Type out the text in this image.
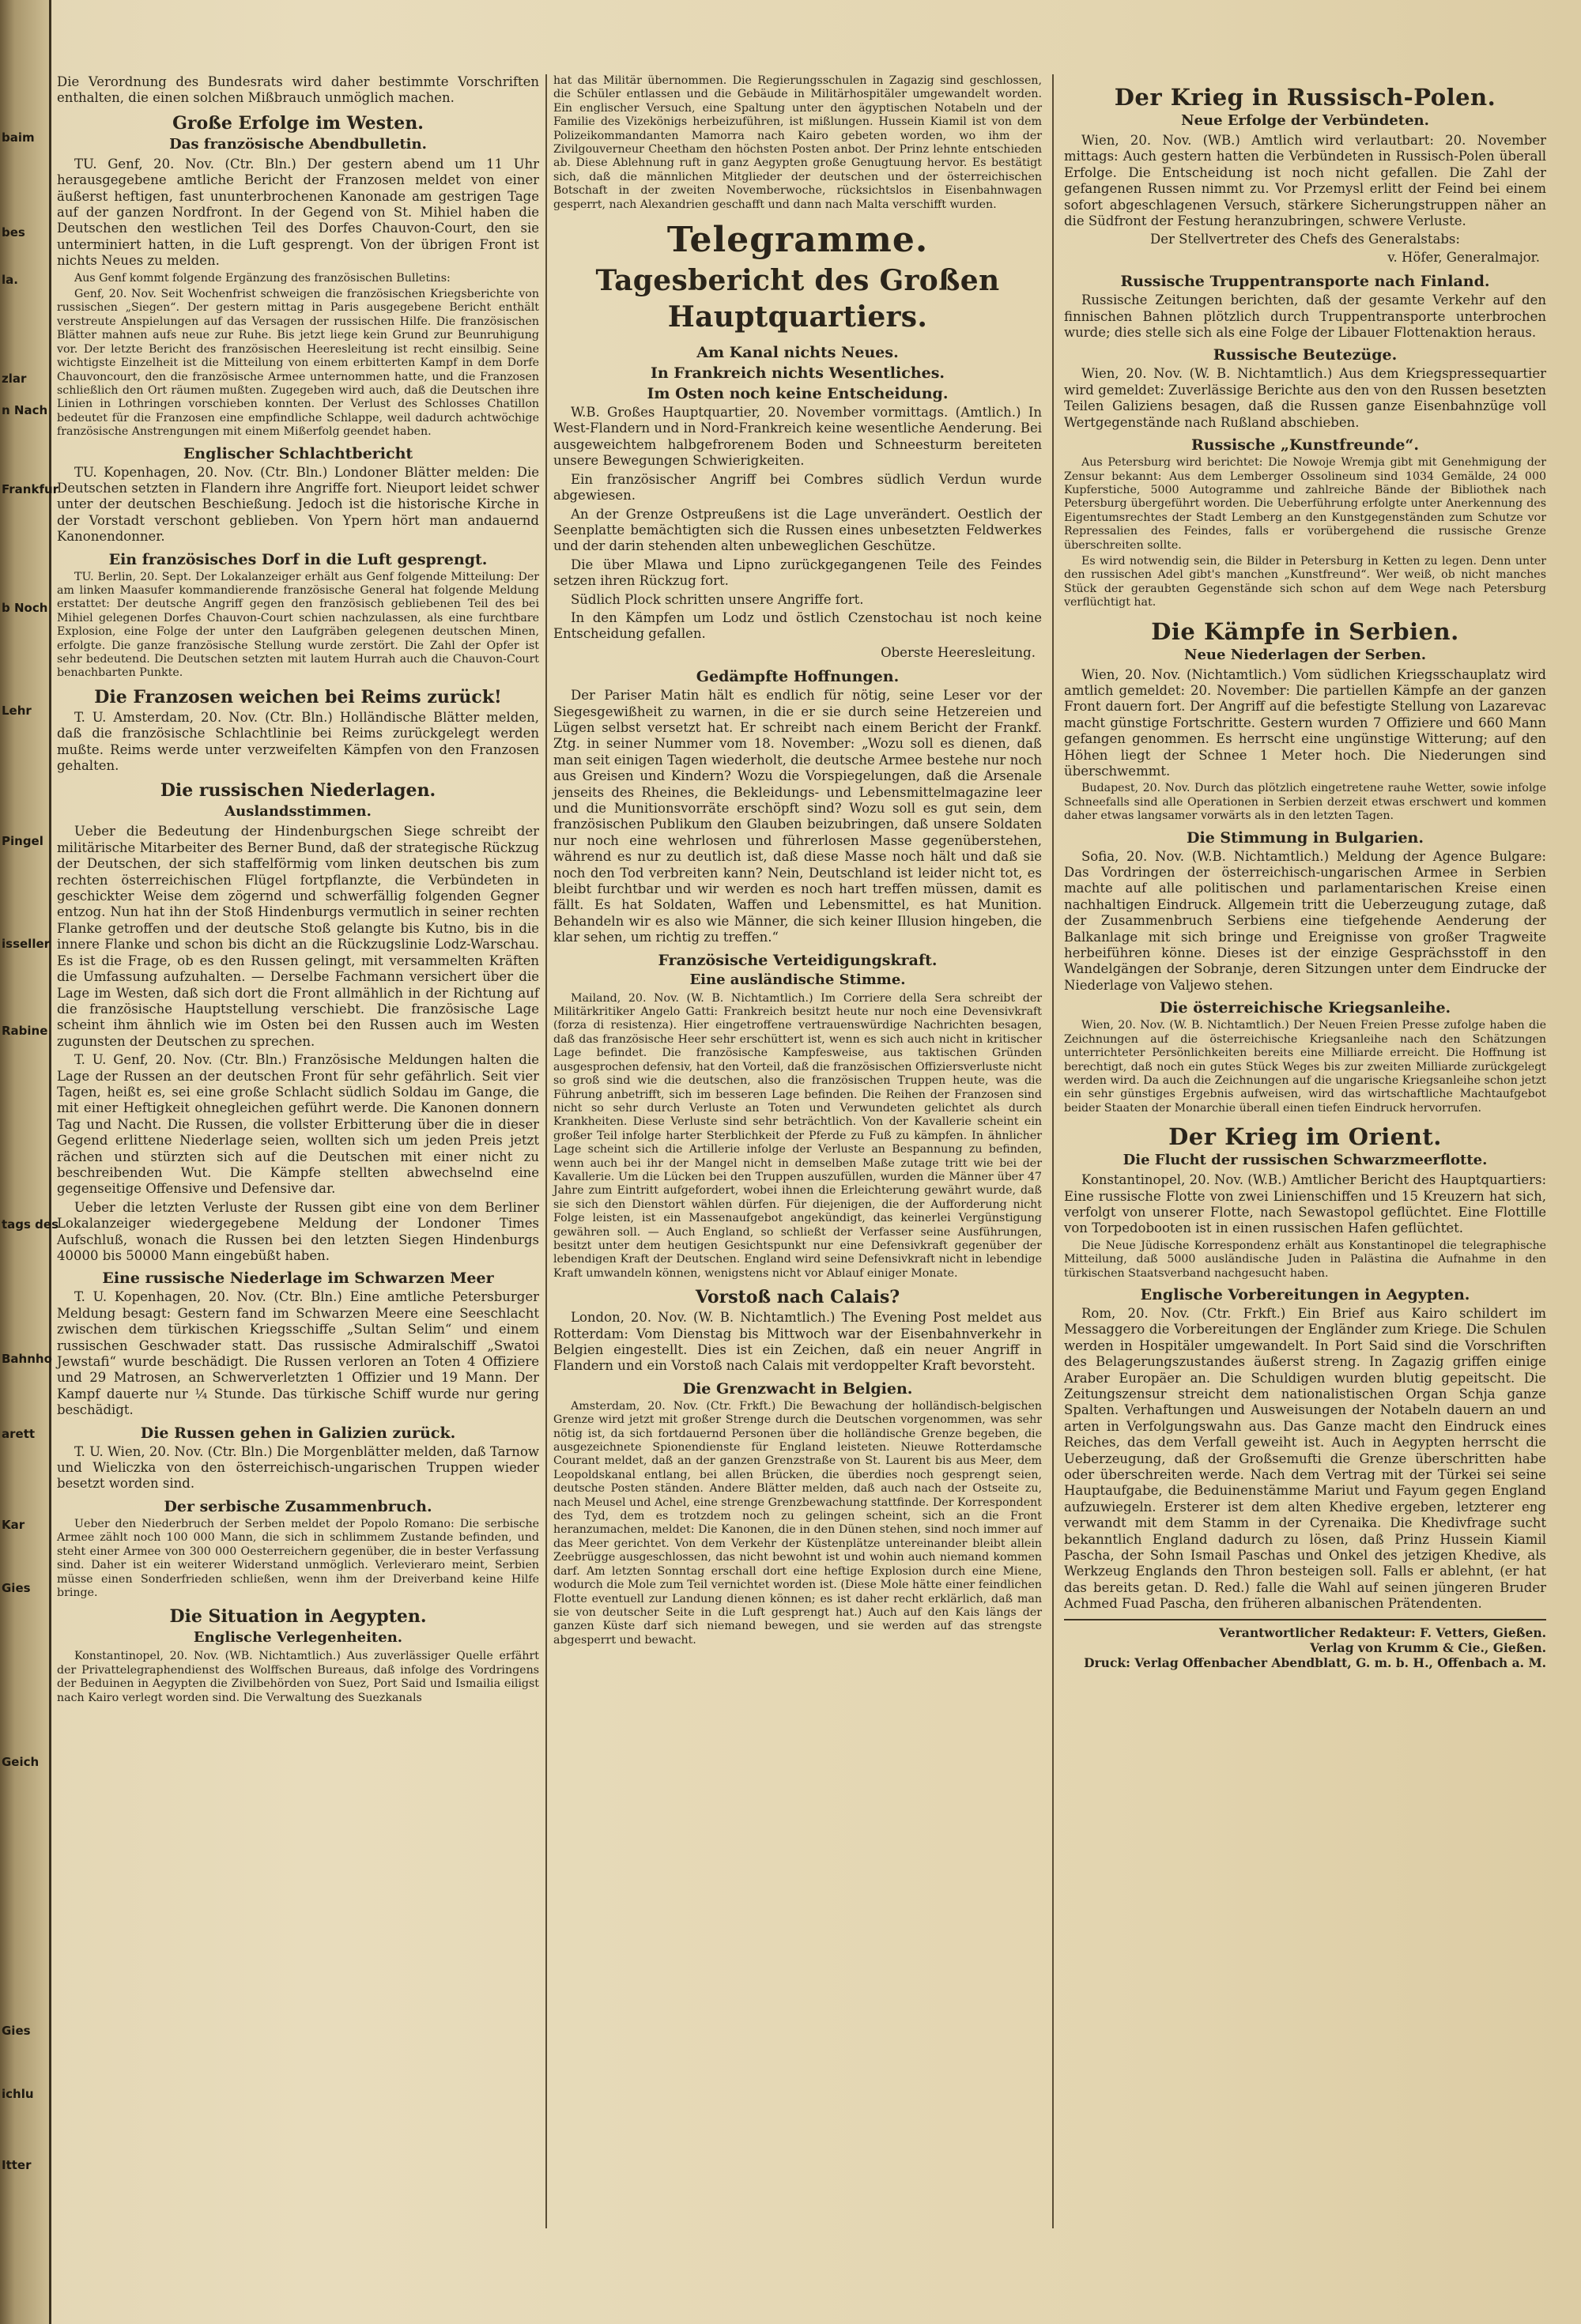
baim
bes
la.
zlar
n Nach
Frankfur
b Noch
Lehr
Pingel
isseller
Rabine
tags des
Bahnho
arett
Kar
Gies
Geich
Gies
ichlu
Itter

Die Verordnung des Bundesrats wird daher bestimmte Vorschriften enthalten, die einen solchen Mißbrauch unmöglich machen.

Große Erfolge im Westen.
Das französische Abendbulletin.

TU. Genf, 20. Nov. (Ctr. Bln.) Der gestern abend um 11 Uhr herausgegebene amtliche Bericht der Franzosen meldet von einer äußerst heftigen, fast ununterbrochenen Kanonade am gestrigen Tage auf der ganzen Nordfront. In der Gegend von St. Mihiel haben die Deutschen den westlichen Teil des Dorfes Chauvon-Court, den sie unterminiert hatten, in die Luft gesprengt. Von der übrigen Front ist nichts Neues zu melden.

Aus Genf kommt folgende Ergänzung des französischen Bulletins:

Genf, 20. Nov. Seit Wochenfrist schweigen die französischen Kriegsberichte von russischen „Siegen“. Der gestern mittag in Paris ausgegebene Bericht enthält verstreute Anspielungen auf das Versagen der russischen Hilfe. Die französischen Blätter mahnen aufs neue zur Ruhe. Bis jetzt liege kein Grund zur Beunruhigung vor. Der letzte Bericht des französischen Heeresleitung ist recht einsilbig. Seine wichtigste Einzelheit ist die Mitteilung von einem erbitterten Kampf in dem Dorfe Chauvoncourt, den die französische Armee unternommen hatte, und die Franzosen schließlich den Ort räumen mußten. Zugegeben wird auch, daß die Deutschen ihre Linien in Lothringen vorschieben konnten. Der Verlust des Schlosses Chatillon bedeutet für die Franzosen eine empfindliche Schlappe, weil dadurch achtwöchige französische Anstrengungen mit einem Mißerfolg geendet haben.

Englischer Schlachtbericht

TU. Kopenhagen, 20. Nov. (Ctr. Bln.) Londoner Blätter melden: Die Deutschen setzten in Flandern ihre Angriffe fort. Nieuport leidet schwer unter der deutschen Beschießung. Jedoch ist die historische Kirche in der Vorstadt verschont geblieben. Von Ypern hört man andauernd Kanonendonner.

Ein französisches Dorf in die Luft gesprengt.

TU. Berlin, 20. Sept. Der Lokalanzeiger erhält aus Genf folgende Mitteilung: Der am linken Maasufer kommandierende französische General hat folgende Meldung erstattet: Der deutsche Angriff gegen den französisch gebliebenen Teil des bei Mihiel gelegenen Dorfes Chauvon-Court schien nachzulassen, als eine furchtbare Explosion, eine Folge der unter den Laufgräben gelegenen deutschen Minen, erfolgte. Die ganze französische Stellung wurde zerstört. Die Zahl der Opfer ist sehr bedeutend. Die Deutschen setzten mit lautem Hurrah auch die Chauvon-Court benachbarten Punkte.

Die Franzosen weichen bei Reims zurück!

T. U. Amsterdam, 20. Nov. (Ctr. Bln.) Holländische Blätter melden, daß die französische Schlachtlinie bei Reims zurückgelegt werden mußte. Reims werde unter verzweifelten Kämpfen von den Franzosen gehalten.

Die russischen Niederlagen.
Auslandsstimmen.

Ueber die Bedeutung der Hindenburgschen Siege schreibt der militärische Mitarbeiter des Berner Bund, daß der strategische Rückzug der Deutschen, der sich staffelförmig vom linken deutschen bis zum rechten österreichischen Flügel fortpflanzte, die Verbündeten in geschickter Weise dem zögernd und schwerfällig folgenden Gegner entzog. Nun hat ihn der Stoß Hindenburgs vermutlich in seiner rechten Flanke getroffen und der deutsche Stoß gelangte bis Kutno, bis in die innere Flanke und schon bis dicht an die Rückzugslinie Lodz-Warschau. Es ist die Frage, ob es den Russen gelingt, mit versammelten Kräften die Umfassung aufzuhalten. — Derselbe Fachmann versichert über die Lage im Westen, daß sich dort die Front allmählich in der Richtung auf die französische Hauptstellung verschiebt. Die französische Lage scheint ihm ähnlich wie im Osten bei den Russen auch im Westen zugunsten der Deutschen zu sprechen.

T. U. Genf, 20. Nov. (Ctr. Bln.) Französische Meldungen halten die Lage der Russen an der deutschen Front für sehr gefährlich. Seit vier Tagen, heißt es, sei eine große Schlacht südlich Soldau im Gange, die mit einer Heftigkeit ohnegleichen geführt werde. Die Kanonen donnern Tag und Nacht. Die Russen, die vollster Erbitterung über die in dieser Gegend erlittene Niederlage seien, wollten sich um jeden Preis jetzt rächen und stürzten sich auf die Deutschen mit einer nicht zu beschreibenden Wut. Die Kämpfe stellten abwechselnd eine gegenseitige Offensive und Defensive dar.

Ueber die letzten Verluste der Russen gibt eine von dem Berliner Lokalanzeiger wiedergegebene Meldung der Londoner Times Aufschluß, wonach die Russen bei den letzten Siegen Hindenburgs 40000 bis 50000 Mann eingebüßt haben.

Eine russische Niederlage im Schwarzen Meer

T. U. Kopenhagen, 20. Nov. (Ctr. Bln.) Eine amtliche Petersburger Meldung besagt: Gestern fand im Schwarzen Meere eine Seeschlacht zwischen dem türkischen Kriegsschiffe „Sultan Selim“ und einem russischen Geschwader statt. Das russische Admiralschiff „Swatoi Jewstafi“ wurde beschädigt. Die Russen verloren an Toten 4 Offiziere und 29 Matrosen, an Schwerverletzten 1 Offizier und 19 Mann. Der Kampf dauerte nur ¼ Stunde. Das türkische Schiff wurde nur gering beschädigt.

Die Russen gehen in Galizien zurück.

T. U. Wien, 20. Nov. (Ctr. Bln.) Die Morgenblätter melden, daß Tarnow und Wieliczka von den österreichisch-ungarischen Truppen wieder besetzt worden sind.

Der serbische Zusammenbruch.

Ueber den Niederbruch der Serben meldet der Popolo Romano: Die serbische Armee zählt noch 100 000 Mann, die sich in schlimmem Zustande befinden, und steht einer Armee von 300 000 Oesterreichern gegenüber, die in bester Verfassung sind. Daher ist ein weiterer Widerstand unmöglich. Verlevieraro meint, Serbien müsse einen Sonderfrieden schließen, wenn ihm der Dreiverband keine Hilfe bringe.

Die Situation in Aegypten.
Englische Verlegenheiten.

Konstantinopel, 20. Nov. (WB. Nichtamtlich.) Aus zuverlässiger Quelle erfährt der Privattelegraphendienst des Wolffschen Bureaus, daß infolge des Vordringens der Beduinen in Aegypten die Zivilbehörden von Suez, Port Said und Ismailia eiligst nach Kairo verlegt worden sind. Die Verwaltung des Suezkanals

hat das Militär übernommen. Die Regierungsschulen in Zagazig sind geschlossen, die Schüler entlassen und die Gebäude in Militärhospitäler umgewandelt worden. Ein englischer Versuch, eine Spaltung unter den ägyptischen Notabeln und der Familie des Vizekönigs herbeizuführen, ist mißlungen. Hussein Kiamil ist von dem Polizeikommandanten Mamorra nach Kairo gebeten worden, wo ihm der Zivilgouverneur Cheetham den höchsten Posten anbot. Der Prinz lehnte entschieden ab. Diese Ablehnung ruft in ganz Aegypten große Genugtuung hervor. Es bestätigt sich, daß die männlichen Mitglieder der deutschen und der österreichischen Botschaft in der zweiten Novemberwoche, rücksichtslos in Eisenbahnwagen gesperrt, nach Alexandrien geschafft und dann nach Malta verschifft wurden.

Telegramme.
Tagesbericht des Großen Hauptquartiers.
Am Kanal nichts Neues.
In Frankreich nichts Wesentliches.
Im Osten noch keine Entscheidung.

W.B. Großes Hauptquartier, 20. November vormittags. (Amtlich.) In West-Flandern und in Nord-Frankreich keine wesentliche Aenderung. Bei ausgeweichtem halbgefrorenem Boden und Schneesturm bereiteten unsere Bewegungen Schwierigkeiten.

Ein französischer Angriff bei Combres südlich Verdun wurde abgewiesen.

An der Grenze Ostpreußens ist die Lage unverändert. Oestlich der Seenplatte bemächtigten sich die Russen eines unbesetzten Feldwerkes und der darin stehenden alten unbeweglichen Geschütze.

Die über Mlawa und Lipno zurückgegangenen Teile des Feindes setzen ihren Rückzug fort.

Südlich Plock schritten unsere Angriffe fort.

In den Kämpfen um Lodz und östlich Czenstochau ist noch keine Entscheidung gefallen.

Oberste Heeresleitung.
Gedämpfte Hoffnungen.

Der Pariser Matin hält es endlich für nötig, seine Leser vor der Siegesgewißheit zu warnen, in die er sie durch seine Hetzereien und Lügen selbst versetzt hat. Er schreibt nach einem Bericht der Frankf. Ztg. in seiner Nummer vom 18. November: „Wozu soll es dienen, daß man seit einigen Tagen wiederholt, die deutsche Armee bestehe nur noch aus Greisen und Kindern? Wozu die Vorspiegelungen, daß die Arsenale jenseits des Rheines, die Bekleidungs- und Lebensmittelmagazine leer und die Munitionsvorräte erschöpft sind? Wozu soll es gut sein, dem französischen Publikum den Glauben beizubringen, daß unsere Soldaten nur noch eine wehrlosen und führerlosen Masse gegenüberstehen, während es nur zu deutlich ist, daß diese Masse noch hält und daß sie noch den Tod verbreiten kann? Nein, Deutschland ist leider nicht tot, es bleibt furchtbar und wir werden es noch hart treffen müssen, damit es fällt. Es hat Soldaten, Waffen und Lebensmittel, es hat Munition. Behandeln wir es also wie Männer, die sich keiner Illusion hingeben, die klar sehen, um richtig zu treffen.“

Französische Verteidigungskraft.
Eine ausländische Stimme.

Mailand, 20. Nov. (W. B. Nichtamtlich.) Im Corriere della Sera schreibt der Militärkritiker Angelo Gatti: Frankreich besitzt heute nur noch eine Devensivkraft (forza di resistenza). Hier eingetroffene vertrauenswürdige Nachrichten besagen, daß das französische Heer sehr erschüttert ist, wenn es sich auch nicht in kritischer Lage befindet. Die französische Kampfesweise, aus taktischen Gründen ausgesprochen defensiv, hat den Vorteil, daß die französischen Offiziersverluste nicht so groß sind wie die deutschen, also die französischen Truppen heute, was die Führung anbetrifft, sich im besseren Lage befinden. Die Reihen der Franzosen sind nicht so sehr durch Verluste an Toten und Verwundeten gelichtet als durch Krankheiten. Diese Verluste sind sehr beträchtlich. Von der Kavallerie scheint ein großer Teil infolge harter Sterblichkeit der Pferde zu Fuß zu kämpfen. In ähnlicher Lage scheint sich die Artillerie infolge der Verluste an Bespannung zu befinden, wenn auch bei ihr der Mangel nicht in demselben Maße zutage tritt wie bei der Kavallerie. Um die Lücken bei den Truppen auszufüllen, wurden die Männer über 47 Jahre zum Eintritt aufgefordert, wobei ihnen die Erleichterung gewährt wurde, daß sie sich den Dienstort wählen dürfen. Für diejenigen, die der Aufforderung nicht Folge leisten, ist ein Massenaufgebot angekündigt, das keinerlei Vergünstigung gewähren soll. — Auch England, so schließt der Verfasser seine Ausführungen, besitzt unter dem heutigen Gesichtspunkt nur eine Defensivkraft gegenüber der lebendigen Kraft der Deutschen. England wird seine Defensivkraft nicht in lebendige Kraft umwandeln können, wenigstens nicht vor Ablauf einiger Monate.

Vorstoß nach Calais?

London, 20. Nov. (W. B. Nichtamtlich.) The Evening Post meldet aus Rotterdam: Vom Dienstag bis Mittwoch war der Eisenbahnverkehr in Belgien eingestellt. Dies ist ein Zeichen, daß ein neuer Angriff in Flandern und ein Vorstoß nach Calais mit verdoppelter Kraft bevorsteht.

Die Grenzwacht in Belgien.

Amsterdam, 20. Nov. (Ctr. Frkft.) Die Bewachung der holländisch-belgischen Grenze wird jetzt mit großer Strenge durch die Deutschen vorgenommen, was sehr nötig ist, da sich fortdauernd Personen über die holländische Grenze begeben, die ausgezeichnete Spionendienste für England leisteten. Nieuwe Rotterdamsche Courant meldet, daß an der ganzen Grenzstraße von St. Laurent bis aus Meer, dem Leopoldskanal entlang, bei allen Brücken, die überdies noch gesprengt seien, deutsche Posten ständen. Andere Blätter melden, daß auch nach der Ostseite zu, nach Meusel und Achel, eine strenge Grenzbewachung stattfinde. Der Korrespondent des Tyd, dem es trotzdem noch zu gelingen scheint, sich an die Front heranzumachen, meldet: Die Kanonen, die in den Dünen stehen, sind noch immer auf das Meer gerichtet. Von dem Verkehr der Küstenplätze untereinander bleibt allein Zeebrügge ausgeschlossen, das nicht bewohnt ist und wohin auch niemand kommen darf. Am letzten Sonntag erschall dort eine heftige Explosion durch eine Miene, wodurch die Mole zum Teil vernichtet worden ist. (Diese Mole hätte einer feindlichen Flotte eventuell zur Landung dienen können; es ist daher recht erklärlich, daß man sie von deutscher Seite in die Luft gesprengt hat.) Auch auf den Kais längs der ganzen Küste darf sich niemand bewegen, und sie werden auf das strengste abgesperrt und bewacht.

Der Krieg in Russisch-Polen.
Neue Erfolge der Verbündeten.

Wien, 20. Nov. (WB.) Amtlich wird verlautbart: 20. November mittags: Auch gestern hatten die Verbündeten in Russisch-Polen überall Erfolge. Die Entscheidung ist noch nicht gefallen. Die Zahl der gefangenen Russen nimmt zu. Vor Przemysl erlitt der Feind bei einem sofort abgeschlagenen Versuch, stärkere Sicherungstruppen näher an die Südfront der Festung heranzubringen, schwere Verluste.

Der Stellvertreter des Chefs des Generalstabs:
v. Höfer, Generalmajor.
Russische Truppentransporte nach Finland.

Russische Zeitungen berichten, daß der gesamte Verkehr auf den finnischen Bahnen plötzlich durch Truppentransporte unterbrochen wurde; dies stelle sich als eine Folge der Libauer Flottenaktion heraus.

Russische Beutezüge.

Wien, 20. Nov. (W. B. Nichtamtlich.) Aus dem Kriegspressequartier wird gemeldet: Zuverlässige Berichte aus den von den Russen besetzten Teilen Galiziens besagen, daß die Russen ganze Eisenbahnzüge voll Wertgegenstände nach Rußland abschieben.

Russische „Kunstfreunde“.

Aus Petersburg wird berichtet: Die Nowoje Wremja gibt mit Genehmigung der Zensur bekannt: Aus dem Lemberger Ossolineum sind 1034 Gemälde, 24 000 Kupferstiche, 5000 Autogramme und zahlreiche Bände der Bibliothek nach Petersburg übergeführt worden. Die Ueberführung erfolgte unter Anerkennung des Eigentumsrechtes der Stadt Lemberg an den Kunstgegenständen zum Schutze vor Repressalien des Feindes, falls er vorübergehend die russische Grenze überschreiten sollte.

Es wird notwendig sein, die Bilder in Petersburg in Ketten zu legen. Denn unter den russischen Adel gibt's manchen „Kunstfreund“. Wer weiß, ob nicht manches Stück der geraubten Gegenstände sich schon auf dem Wege nach Petersburg verflüchtigt hat.

Die Kämpfe in Serbien.
Neue Niederlagen der Serben.

Wien, 20. Nov. (Nichtamtlich.) Vom südlichen Kriegsschauplatz wird amtlich gemeldet: 20. November: Die partiellen Kämpfe an der ganzen Front dauern fort. Der Angriff auf die befestigte Stellung von Lazarevac macht günstige Fortschritte. Gestern wurden 7 Offiziere und 660 Mann gefangen genommen. Es herrscht eine ungünstige Witterung; auf den Höhen liegt der Schnee 1 Meter hoch. Die Niederungen sind überschwemmt.

Budapest, 20. Nov. Durch das plötzlich eingetretene rauhe Wetter, sowie infolge Schneefalls sind alle Operationen in Serbien derzeit etwas erschwert und kommen daher etwas langsamer vorwärts als in den letzten Tagen.

Die Stimmung in Bulgarien.

Sofia, 20. Nov. (W.B. Nichtamtlich.) Meldung der Agence Bulgare: Das Vordringen der österreichisch-ungarischen Armee in Serbien machte auf alle politischen und parlamentarischen Kreise einen nachhaltigen Eindruck. Allgemein tritt die Ueberzeugung zutage, daß der Zusammenbruch Serbiens eine tiefgehende Aenderung der Balkanlage mit sich bringe und Ereignisse von großer Tragweite herbeiführen könne. Dieses ist der einzige Gesprächsstoff in den Wandelgängen der Sobranje, deren Sitzungen unter dem Eindrucke der Niederlage von Valjewo stehen.

Die österreichische Kriegsanleihe.

Wien, 20. Nov. (W. B. Nichtamtlich.) Der Neuen Freien Presse zufolge haben die Zeichnungen auf die österreichische Kriegsanleihe nach den Schätzungen unterrichteter Persönlichkeiten bereits eine Milliarde erreicht. Die Hoffnung ist berechtigt, daß noch ein gutes Stück Weges bis zur zweiten Milliarde zurückgelegt werden wird. Da auch die Zeichnungen auf die ungarische Kriegsanleihe schon jetzt ein sehr günstiges Ergebnis aufweisen, wird das wirtschaftliche Machtaufgebot beider Staaten der Monarchie überall einen tiefen Eindruck hervorrufen.

Der Krieg im Orient.
Die Flucht der russischen Schwarzmeerflotte.

Konstantinopel, 20. Nov. (W.B.) Amtlicher Bericht des Hauptquartiers: Eine russische Flotte von zwei Linienschiffen und 15 Kreuzern hat sich, verfolgt von unserer Flotte, nach Sewastopol geflüchtet. Eine Flottille von Torpedobooten ist in einen russischen Hafen geflüchtet.

Die Neue Jüdische Korrespondenz erhält aus Konstantinopel die telegraphische Mitteilung, daß 5000 ausländische Juden in Palästina die Aufnahme in den türkischen Staatsverband nachgesucht haben.

Englische Vorbereitungen in Aegypten.

Rom, 20. Nov. (Ctr. Frkft.) Ein Brief aus Kairo schildert im Messaggero die Vorbereitungen der Engländer zum Kriege. Die Schulen werden in Hospitäler umgewandelt. In Port Said sind die Vorschriften des Belagerungszustandes äußerst streng. In Zagazig griffen einige Araber Europäer an. Die Schuldigen wurden blutig gepeitscht. Die Zeitungszensur streicht dem nationalistischen Organ Schja ganze Spalten. Verhaftungen und Ausweisungen der Notabeln dauern an und arten in Verfolgungswahn aus. Das Ganze macht den Eindruck eines Reiches, das dem Verfall geweiht ist. Auch in Aegypten herrscht die Ueberzeugung, daß der Großsemufti die Grenze überschritten habe oder überschreiten werde. Nach dem Vertrag mit der Türkei sei seine Hauptaufgabe, die Beduinenstämme Mariut und Fayum gegen England aufzuwiegeln. Ersterer ist dem alten Khedive ergeben, letzterer eng verwandt mit dem Stamm in der Cyrenaika. Die Khedivfrage sucht bekanntlich England dadurch zu lösen, daß Prinz Hussein Kiamil Pascha, der Sohn Ismail Paschas und Onkel des jetzigen Khedive, als Werkzeug Englands den Thron besteigen soll. Falls er ablehnt, (er hat das bereits getan. D. Red.) falle die Wahl auf seinen jüngeren Bruder Achmed Fuad Pascha, den früheren albanischen Prätendenten.

Verantwortlicher Redakteur: F. Vetters, Gießen.
Verlag von Krumm & Cie., Gießen.
Druck: Verlag Offenbacher Abendblatt, G. m. b. H., Offenbach a. M.
